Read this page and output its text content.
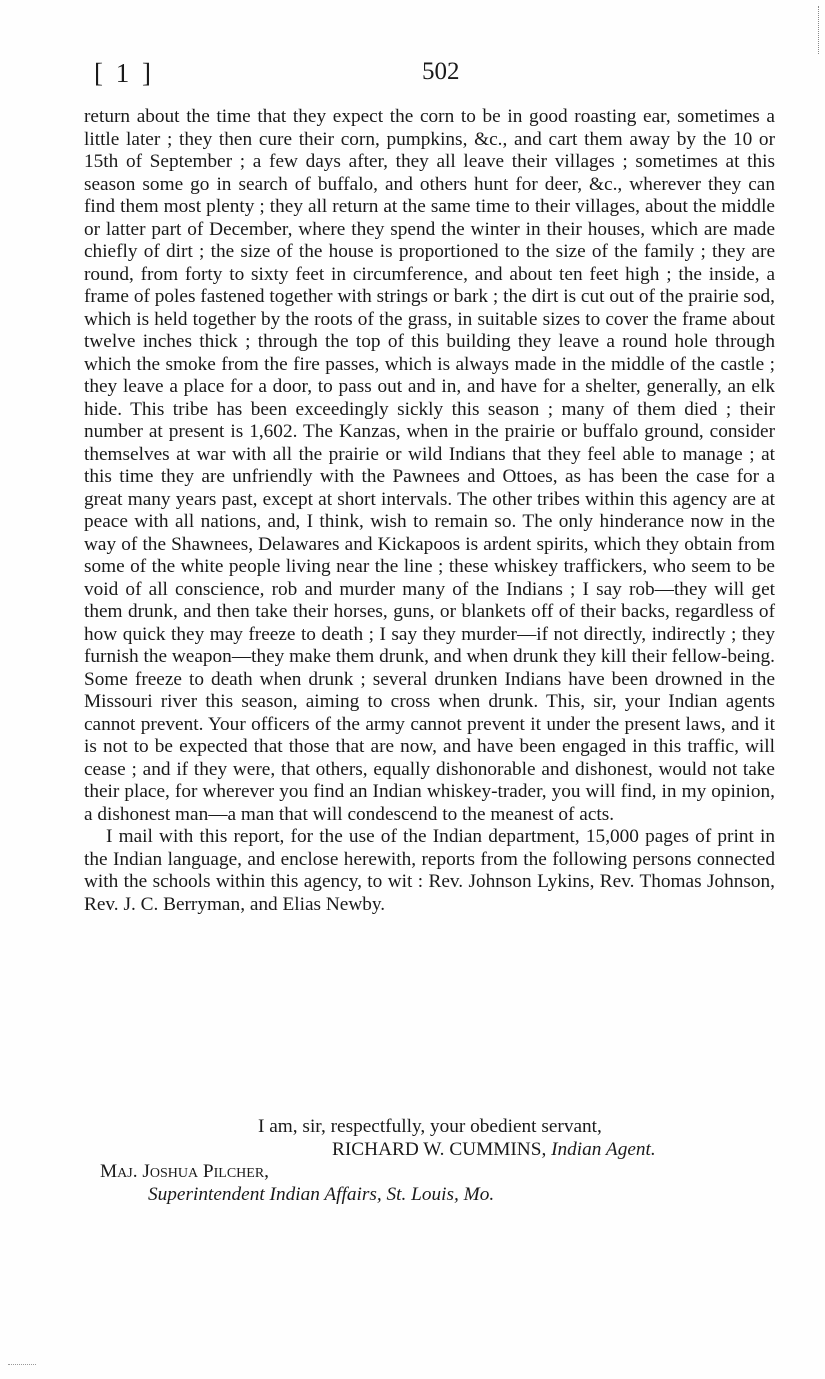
[ 1 ]	502

return about the time that they expect the corn to be in good roasting ear, sometimes a little later ; they then cure their corn, pumpkins, &c., and cart them away by the 10 or 15th of September ; a few days after, they all leave their villages ; sometimes at this season some go in search of buffalo, and others hunt for deer, &c., wherever they can find them most plenty ; they all return at the same time to their villages, about the middle or latter part of December, where they spend the winter in their houses, which are made chiefly of dirt ; the size of the house is proportioned to the size of the family ; they are round, from forty to sixty feet in circumference, and about ten feet high ; the inside, a frame of poles fastened together with strings or bark ; the dirt is cut out of the prairie sod, which is held together by the roots of the grass, in suitable sizes to cover the frame about twelve inches thick ; through the top of this building they leave a round hole through which the smoke from the fire passes, which is always made in the middle of the castle ; they leave a place for a door, to pass out and in, and have for a shelter, generally, an elk hide. This tribe has been exceedingly sickly this season ; many of them died ; their number at present is 1,602. The Kanzas, when in the prairie or buffalo ground, consider themselves at war with all the prairie or wild Indians that they feel able to manage ; at this time they are unfriendly with the Pawnees and Ottoes, as has been the case for a great many years past, except at short intervals. The other tribes within this agency are at peace with all nations, and, I think, wish to remain so. The only hinderance now in the way of the Shawnees, Delawares and Kickapoos is ardent spirits, which they obtain from some of the white people living near the line ; these whiskey traffickers, who seem to be void of all conscience, rob and murder many of the Indians ; I say rob—they will get them drunk, and then take their horses, guns, or blankets off of their backs, regardless of how quick they may freeze to death ; I say they murder—if not directly, indirectly ; they furnish the weapon—they make them drunk, and when drunk they kill their fellow-being. Some freeze to death when drunk ; several drunken Indians have been drowned in the Missouri river this season, aiming to cross when drunk. This, sir, your Indian agents cannot prevent. Your officers of the army cannot prevent it under the present laws, and it is not to be expected that those that are now, and have been engaged in this traffic, will cease ; and if they were, that others, equally dishonorable and dishonest, would not take their place, for wherever you find an Indian whiskey-trader, you will find, in my opinion, a dishonest man—a man that will condescend to the meanest of acts.

I mail with this report, for the use of the Indian department, 15,000 pages of print in the Indian language, and enclose herewith, reports from the following persons connected with the schools within this agency, to wit : Rev. Johnson Lykins, Rev. Thomas Johnson, Rev. J. C. Berryman, and Elias Newby.

I am, sir, respectfully, your obedient servant,
RICHARD W. CUMMINS, Indian Agent.
Maj. Joshua Pilcher,
Superintendent Indian Affairs, St. Louis, Mo.
